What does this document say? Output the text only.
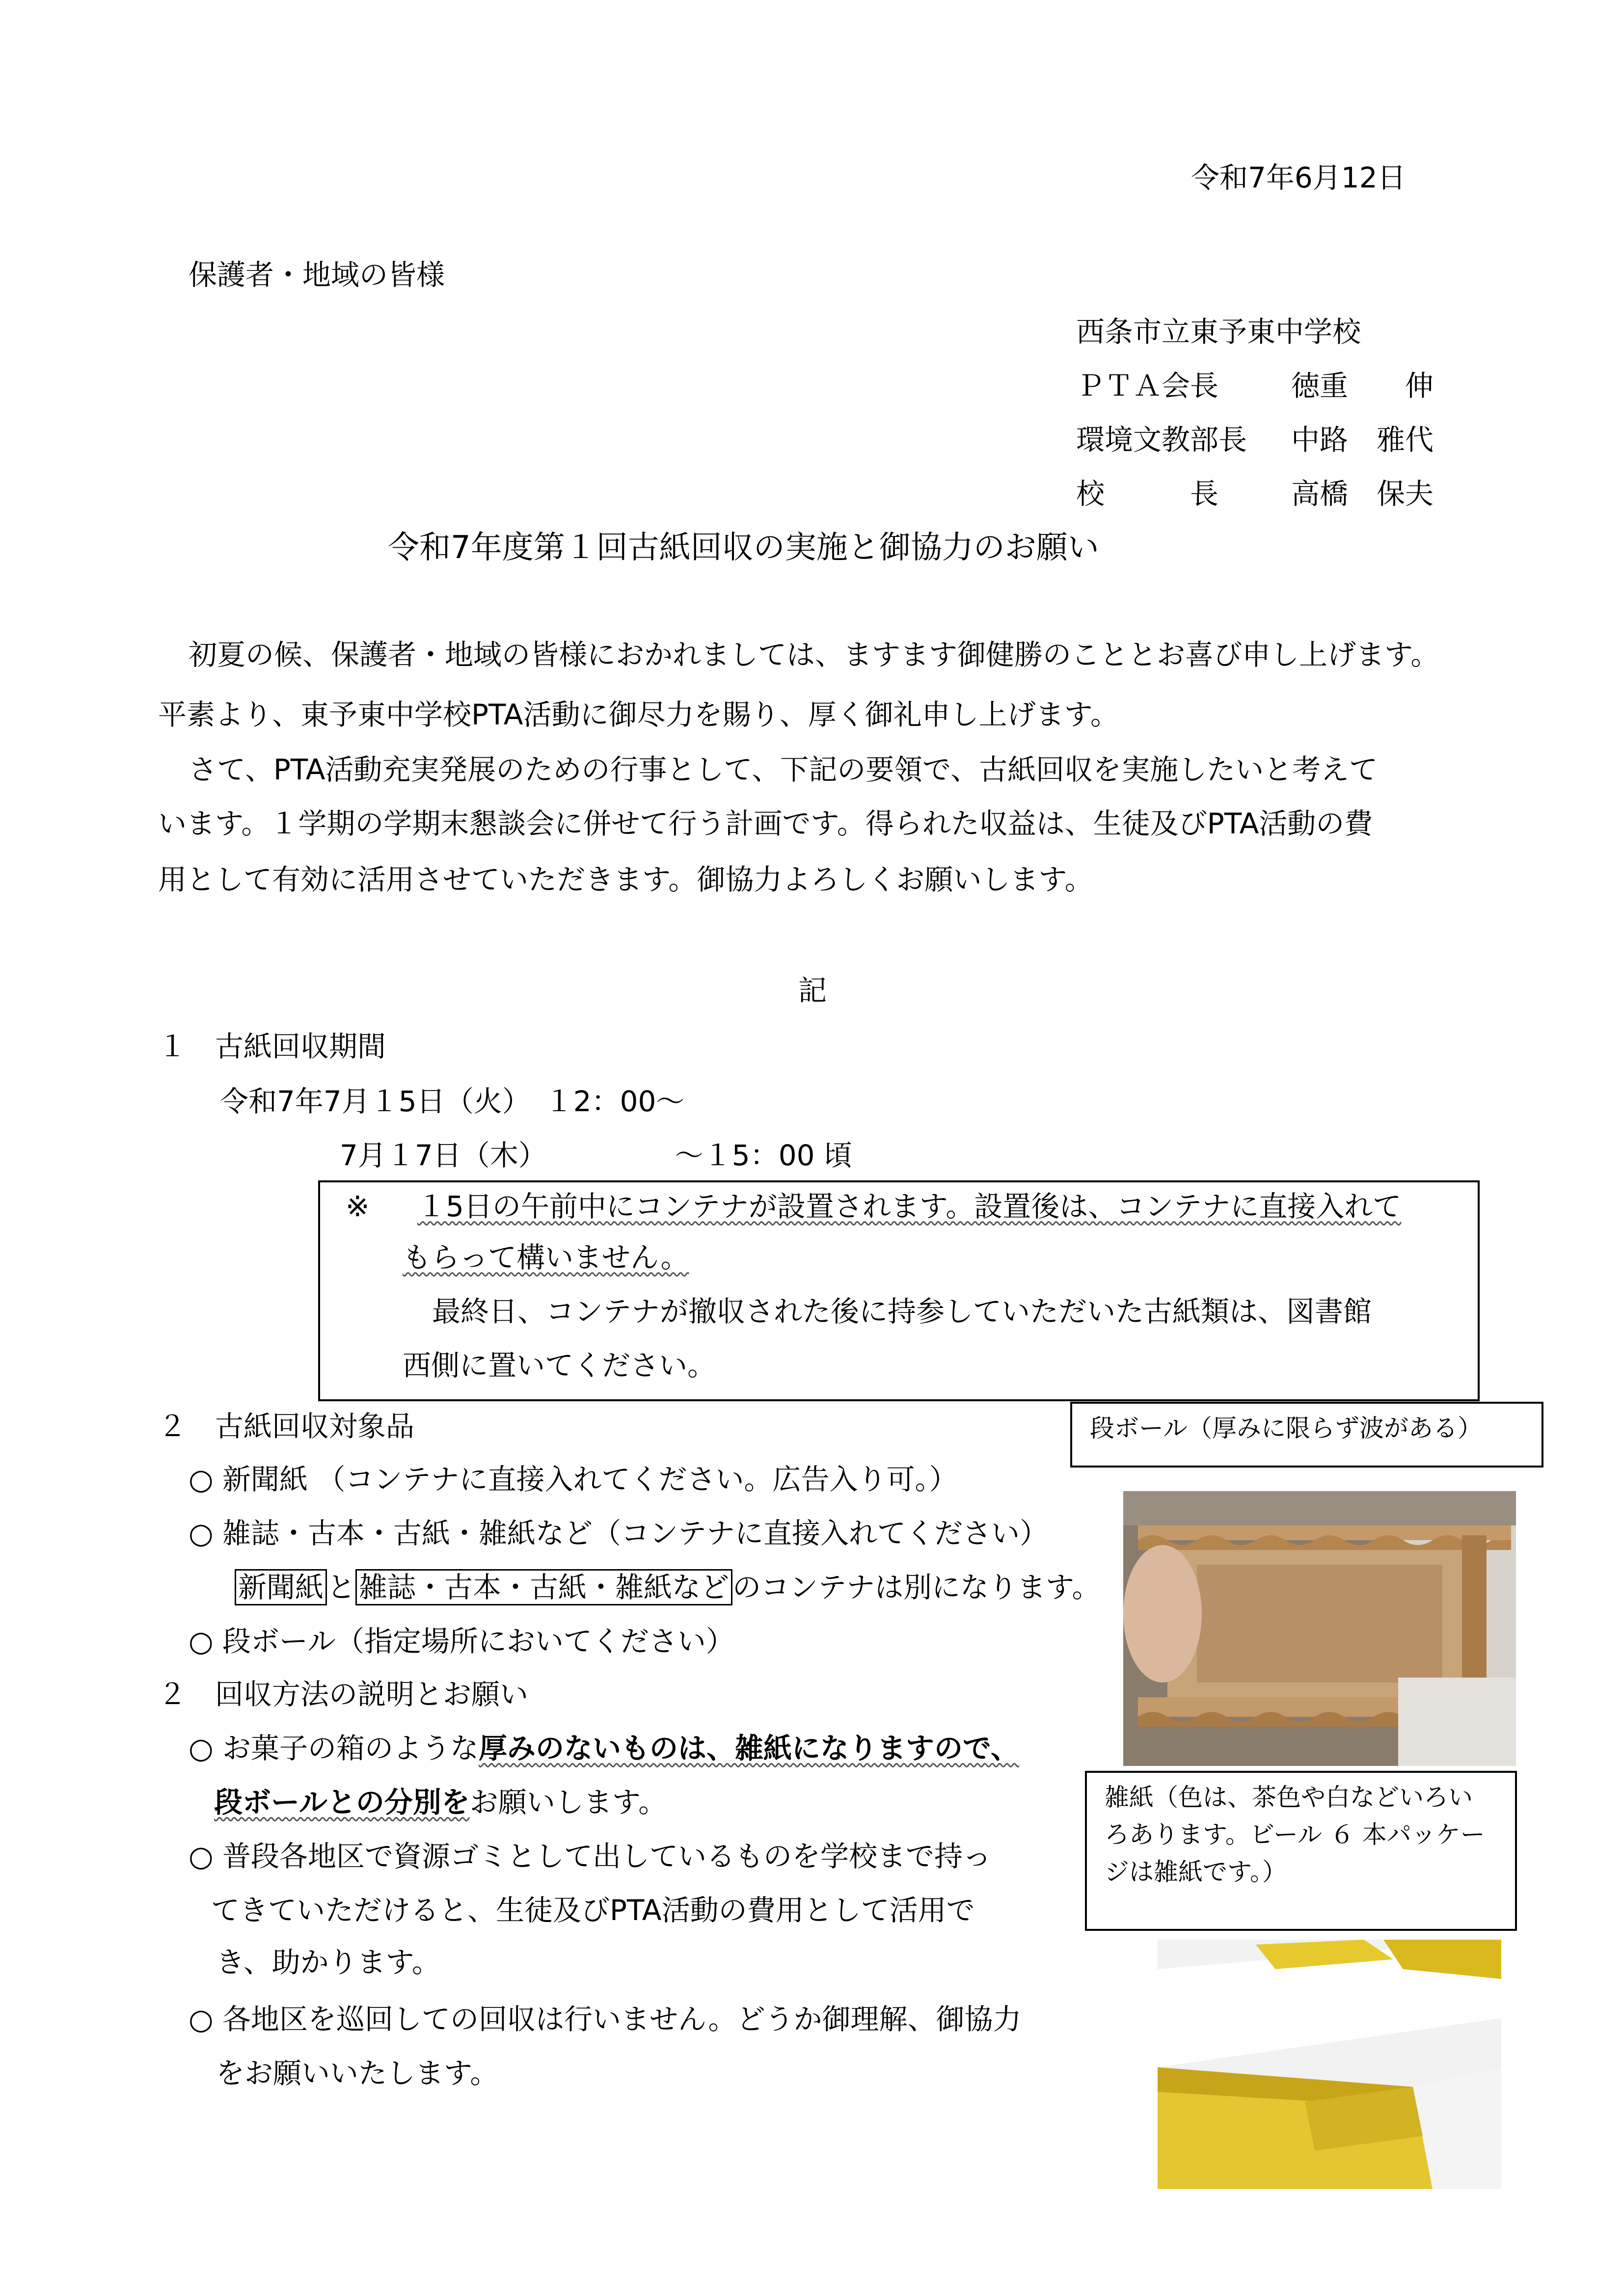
令和7年6月12日
保護者・地域の皆様
西条市立東予東中学校
ＰＴＡ会長	徳重　　伸
環境文教部長 中路　雅代
校　　　長	高橋　保夫
令和7年度第１回古紙回収の実施と御協力のお願い
初夏の候、保護者・地域の皆様におかれましては、ますます御健勝のこととお喜び申し上げます。
平素より、東予東中学校PTA活動に御尽力を賜り、厚く御礼申し上げます。
さて、PTA活動充実発展のための行事として、下記の要領で、古紙回収を実施したいと考えて
います。１学期の学期末懇談会に併せて行う計画です。得られた収益は、生徒及びPTA活動の費
用として有効に活用させていただきます。御協力よろしくお願いします。
記
１　古紙回収期間
令和7年7月１5日（火）　１2：00～
7月１7日（木）　　　　　～１5：00 頃
※ １5日の午前中にコンテナが設置されます。設置後は、コンテナに直接入れて
もらって構いません。
最終日、コンテナが撤収された後に持参していただいた古紙類は、図書館
西側に置いてください。
２　古紙回収対象品
○ 新聞紙 （コンテナに直接入れてください。広告入り可。）
○ 雑誌・古本・古紙・雑紙など（コンテナに直接入れてください）
新聞紙 と 雑誌・古本・古紙・雑紙など のコンテナは別になります。
○ 段ボール（指定場所においてください）
２　回収方法の説明とお願い
○ お菓子の箱のような厚みのないものは、雑紙になりますので、
段ボールとの分別をお願いします。
○ 普段各地区で資源ゴミとして出しているものを学校まで持っ
てきていただけると、生徒及びPTA活動の費用として活用で
き、助かります。
○ 各地区を巡回しての回収は行いません。どうか御理解、御協力
をお願いいたします。
段ボール（厚みに限らず波がある）
雑紙（色は、茶色や白などいろい
ろあります。ビール ６ 本パッケー
ジは雑紙です。）
